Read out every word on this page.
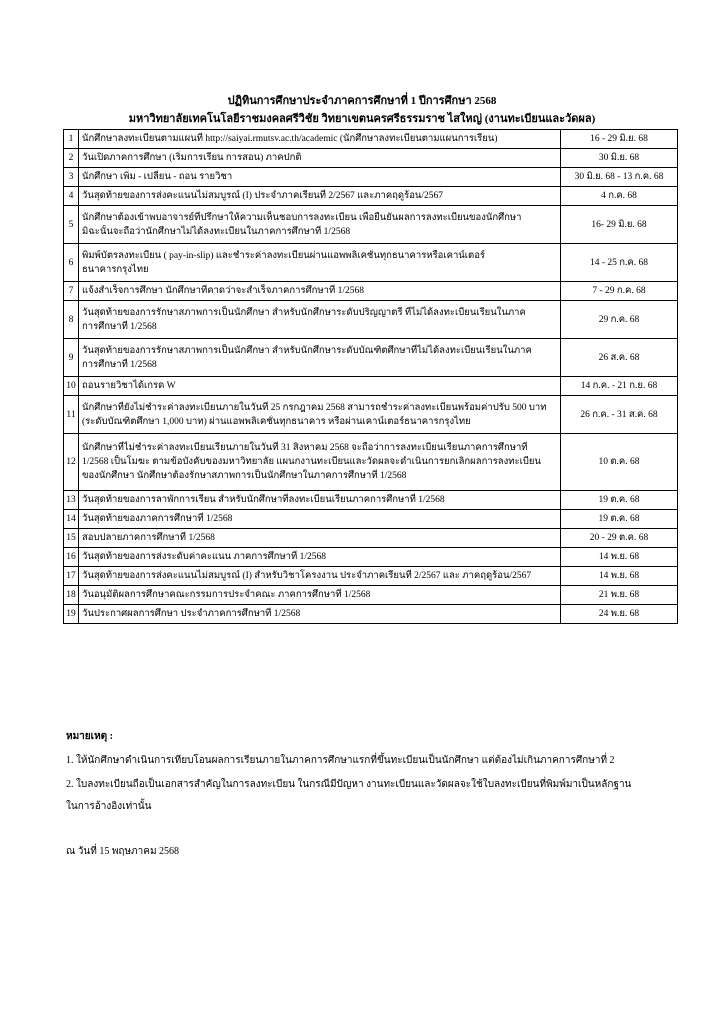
ปฏิทินการศึกษาประจำภาคการศึกษาที่ 1 ปีการศึกษา 2568
มหาวิทยาลัยเทคโนโลยีราชมงคลศรีวิชัย วิทยาเขตนครศรีธรรมราช ไสใหญ่ (งานทะเบียนและวัดผล)
1	นักศึกษาลงทะเบียนตามแผนที่ http://saiyai.rmutsv.ac.th/academic (นักศึกษาลงทะเบียนตามแผนการเรียน)	16 - 29 มิ.ย. 68
2	วันเปิดภาคการศึกษา (เริ่มการเรียน การสอน) ภาคปกติ	30 มิ.ย. 68
3	นักศึกษา เพิ่ม - เปลี่ยน - ถอน รายวิชา	30 มิ.ย. 68 - 13 ก.ค. 68
4	วันสุดท้ายของการส่งคะแนนไม่สมบูรณ์ (I) ประจำภาคเรียนที่ 2/2567 และภาคฤดูร้อน/2567	4 ก.ค. 68
5	นักศึกษาต้องเข้าพบอาจารย์ที่ปรึกษาให้ความเห็นชอบการลงทะเบียน เพื่อยืนยันผลการลงทะเบียนของนักศึกษา
มิฉะนั้นจะถือว่านักศึกษาไม่ได้ลงทะเบียนในภาคการศึกษาที่ 1/2568	16- 29 มิ.ย. 68
6	พิมพ์บัตรลงทะเบียน ( pay-in-slip) และชำระค่าลงทะเบียนผ่านแอพพลิเคชั่นทุกธนาคารหรือเคาน์เตอร์
ธนาคารกรุงไทย	14 - 25 ก.ค. 68
7	แจ้งสำเร็จการศึกษา นักศึกษาที่คาดว่าจะสำเร็จภาคการศึกษาที่ 1/2568	7 - 29 ก.ค. 68
8	วันสุดท้ายของการรักษาสภาพการเป็นนักศึกษา สำหรับนักศึกษาระดับปริญญาตรี ที่ไม่ได้ลงทะเบียนเรียนในภาค
การศึกษาที่ 1/2568	29 ก.ค. 68
9	วันสุดท้ายของการรักษาสภาพการเป็นนักศึกษา สำหรับนักศึกษาระดับบัณฑิตศึกษาที่ไม่ได้ลงทะเบียนเรียนในภาค
การศึกษาที่ 1/2568	26 ส.ค. 68
10	ถอนรายวิชาได้เกรด W	14 ก.ค. - 21 ก.ย. 68
11	นักศึกษาที่ยังไม่ชำระค่าลงทะเบียนภายในวันที่ 25 กรกฎาคม 2568 สามารถชำระค่าลงทะเบียนพร้อมค่าปรับ 500 บาท
(ระดับบัณฑิตศึกษา 1,000 บาท) ผ่านแอพพลิเคชั่นทุกธนาคาร หรือผ่านเคาน์เตอร์ธนาคารกรุงไทย	26 ก.ค. - 31 ส.ค. 68
12	นักศึกษาที่ไม่ชำระค่าลงทะเบียนเรียนภายในวันที่ 31 สิงหาคม 2568 จะถือว่าการลงทะเบียนเรียนภาคการศึกษาที่
1/2568 เป็นโมฆะ ตามข้อบังคับของมหาวิทยาลัย แผนกงานทะเบียนและวัดผลจะดำเนินการยกเลิกผลการลงทะเบียน
ของนักศึกษา นักศึกษาต้องรักษาสภาพการเป็นนักศึกษาในภาคการศึกษาที่ 1/2568	10 ต.ค. 68
13	วันสุดท้ายของการลาพักการเรียน สำหรับนักศึกษาที่ลงทะเบียนเรียนภาคการศึกษาที่ 1/2568	19 ต.ค. 68
14	วันสุดท้ายของภาคการศึกษาที่ 1/2568	19 ต.ค. 68
15	สอบปลายภาคการศึกษาที่ 1/2568	20 - 29 ต.ค. 68
16	วันสุดท้ายของการส่งระดับค่าคะแนน ภาคการศึกษาที่ 1/2568	14 พ.ย. 68
17	วันสุดท้ายของการส่งคะแนนไม่สมบูรณ์ (I) สำหรับวิชาโครงงาน ประจำภาคเรียนที่ 2/2567 และ ภาคฤดูร้อน/2567	14 พ.ย. 68
18	วันอนุมัติผลการศึกษาคณะกรรมการประจำคณะ ภาคการศึกษาที่ 1/2568	21 พ.ย. 68
19	วันประกาศผลการศึกษา ประจำภาคการศึกษาที่ 1/2568	24 พ.ย. 68
หมายเหตุ :
1. ให้นักศึกษาดำเนินการเทียบโอนผลการเรียนภายในภาคการศึกษาแรกที่ขึ้นทะเบียนเป็นนักศึกษา แต่ต้องไม่เกินภาคการศึกษาที่ 2
2. ใบลงทะเบียนถือเป็นเอกสารสำคัญในการลงทะเบียน ในกรณีมีปัญหา งานทะเบียนและวัดผลจะใช้ใบลงทะเบียนที่พิมพ์มาเป็นหลักฐาน
ในการอ้างอิงเท่านั้น
ณ วันที่ 15 พฤษภาคม 2568
